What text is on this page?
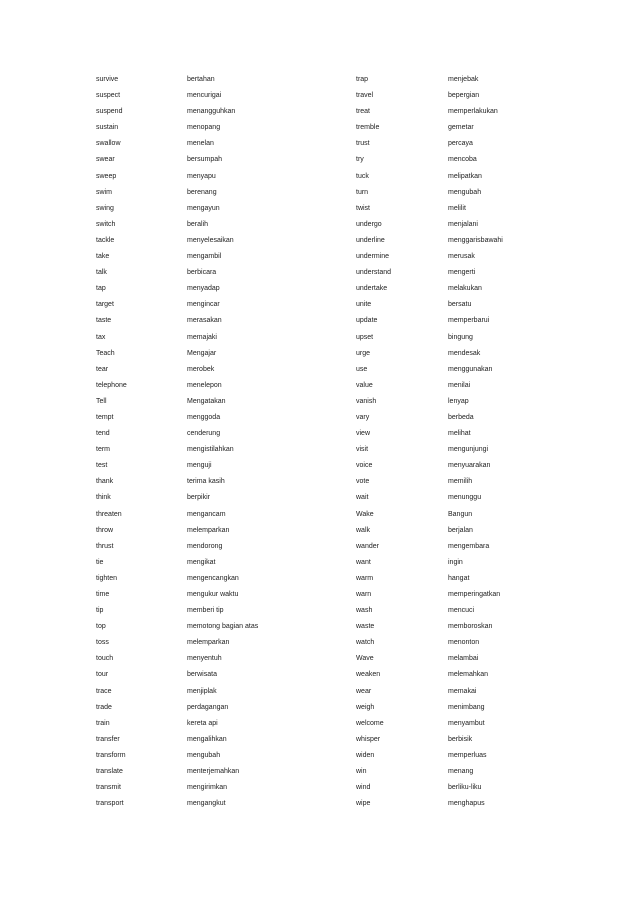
survive	bertahan	trap	menjebak
suspect	mencurigai	travel	bepergian
suspend	menangguhkan	treat	memperlakukan
sustain	menopang	tremble	gemetar
swallow	menelan	trust	percaya
swear	bersumpah	try	mencoba
sweep	menyapu	tuck	melipatkan
swim	berenang	turn	mengubah
swing	mengayun	twist	melilit
switch	beralih	undergo	menjalani
tackle	menyelesaikan	underline	menggarisbawahi
take	mengambil	undermine	merusak
talk	berbicara	understand	mengerti
tap	menyadap	undertake	melakukan
target	mengincar	unite	bersatu
taste	merasakan	update	memperbarui
tax	memajaki	upset	bingung
Teach	Mengajar	urge	mendesak
tear	merobek	use	menggunakan
telephone	menelepon	value	menilai
Tell	Mengatakan	vanish	lenyap
tempt	menggoda	vary	berbeda
tend	cenderung	view	melihat
term	mengistilahkan	visit	mengunjungi
test	menguji	voice	menyuarakan
thank	terima kasih	vote	memilih
think	berpikir	wait	menunggu
threaten	mengancam	Wake	Bangun
throw	melemparkan	walk	berjalan
thrust	mendorong	wander	mengembara
tie	mengikat	want	ingin
tighten	mengencangkan	warm	hangat
time	mengukur waktu	warn	memperingatkan
tip	memberi tip	wash	mencuci
top	memotong bagian atas	waste	memboroskan
toss	melemparkan	watch	menonton
touch	menyentuh	Wave	melambai
tour	berwisata	weaken	melemahkan
trace	menjiplak	wear	memakai
trade	perdagangan	weigh	menimbang
train	kereta api	welcome	menyambut
transfer	mengalihkan	whisper	berbisik
transform	mengubah	widen	memperluas
translate	menterjemahkan	win	menang
transmit	mengirimkan	wind	berliku-liku
transport	mengangkut	wipe	menghapus
